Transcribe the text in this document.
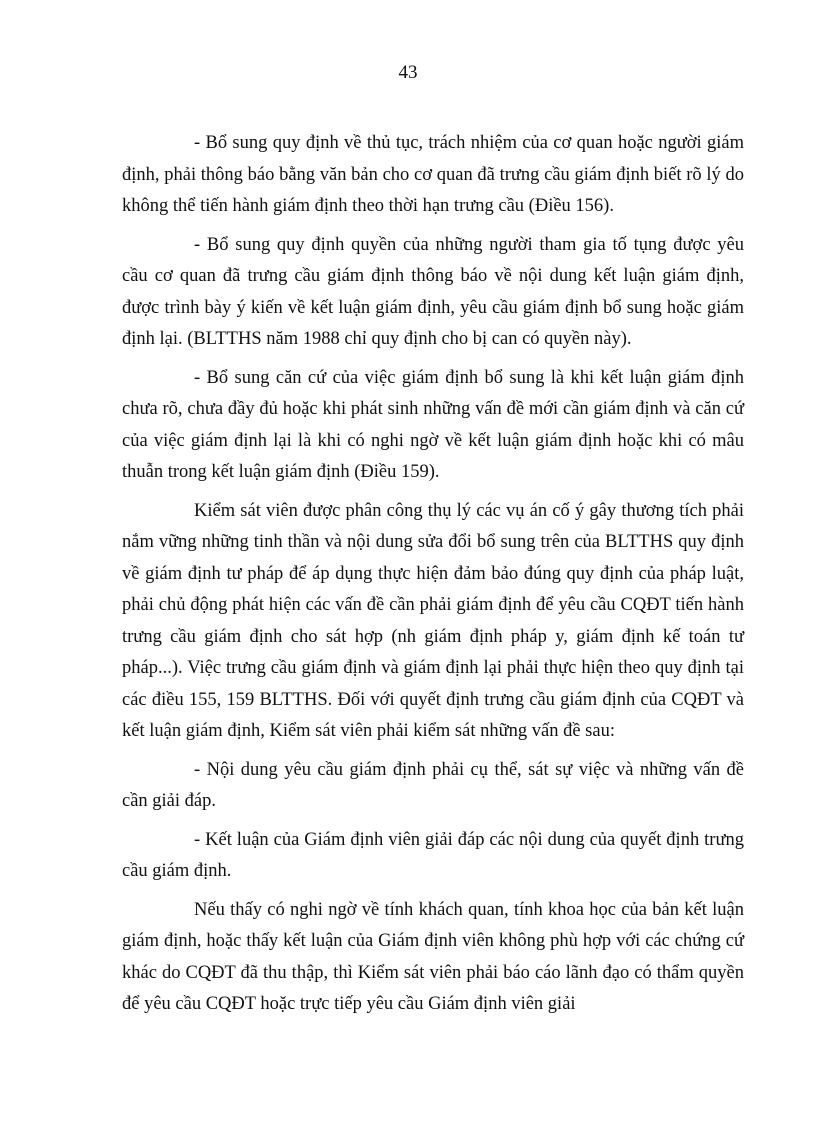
43

- Bổ sung quy định về thủ tục, trách nhiệm của cơ quan hoặc người giám định, phải thông báo bằng văn bản cho cơ quan đã trưng cầu giám định biết rõ lý do không thể tiến hành giám định theo thời hạn trưng cầu (Điều 156).

- Bổ sung quy định quyền của những người tham gia tố tụng được yêu cầu cơ quan đã trưng cầu giám định thông báo về nội dung kết luận giám định, được trình bày ý kiến về kết luận giám định, yêu cầu giám định bổ sung hoặc giám định lại. (BLTTHS năm 1988 chỉ quy định cho bị can có quyền này).

- Bổ sung căn cứ của việc giám định bổ sung là khi kết luận giám định chưa rõ, chưa đầy đủ hoặc khi phát sinh những vấn đề mới cần giám định và căn cứ của việc giám định lại là khi có nghi ngờ về kết luận giám định hoặc khi có mâu thuẫn trong kết luận giám định (Điều 159).

Kiểm sát viên được phân công thụ lý các vụ án cố ý gây thương tích phải nắm vững những tinh thần và nội dung sửa đổi bổ sung trên của BLTTHS quy định về giám định tư pháp để áp dụng thực hiện đảm bảo đúng quy định của pháp luật, phải chủ động phát hiện các vấn đề cần phải giám định để yêu cầu CQĐT tiến hành trưng cầu giám định cho sát hợp (nh giám định pháp y, giám định kế toán tư pháp...). Việc trưng cầu giám định và giám định lại phải thực hiện theo quy định tại các điều 155, 159 BLTTHS. Đối với quyết định trưng cầu giám định của CQĐT và kết luận giám định, Kiểm sát viên phải kiểm sát những vấn đề sau:

- Nội dung yêu cầu giám định phải cụ thể, sát sự việc và những vấn đề cần giải đáp.

- Kết luận của Giám định viên giải đáp các nội dung của quyết định trưng cầu giám định.

Nếu thấy có nghi ngờ về tính khách quan, tính khoa học của bản kết luận giám định, hoặc thấy kết luận của Giám định viên không phù hợp với các chứng cứ khác do CQĐT đã thu thập, thì Kiểm sát viên phải báo cáo lãnh đạo có thẩm quyền để yêu cầu CQĐT hoặc trực tiếp yêu cầu Giám định viên giải
